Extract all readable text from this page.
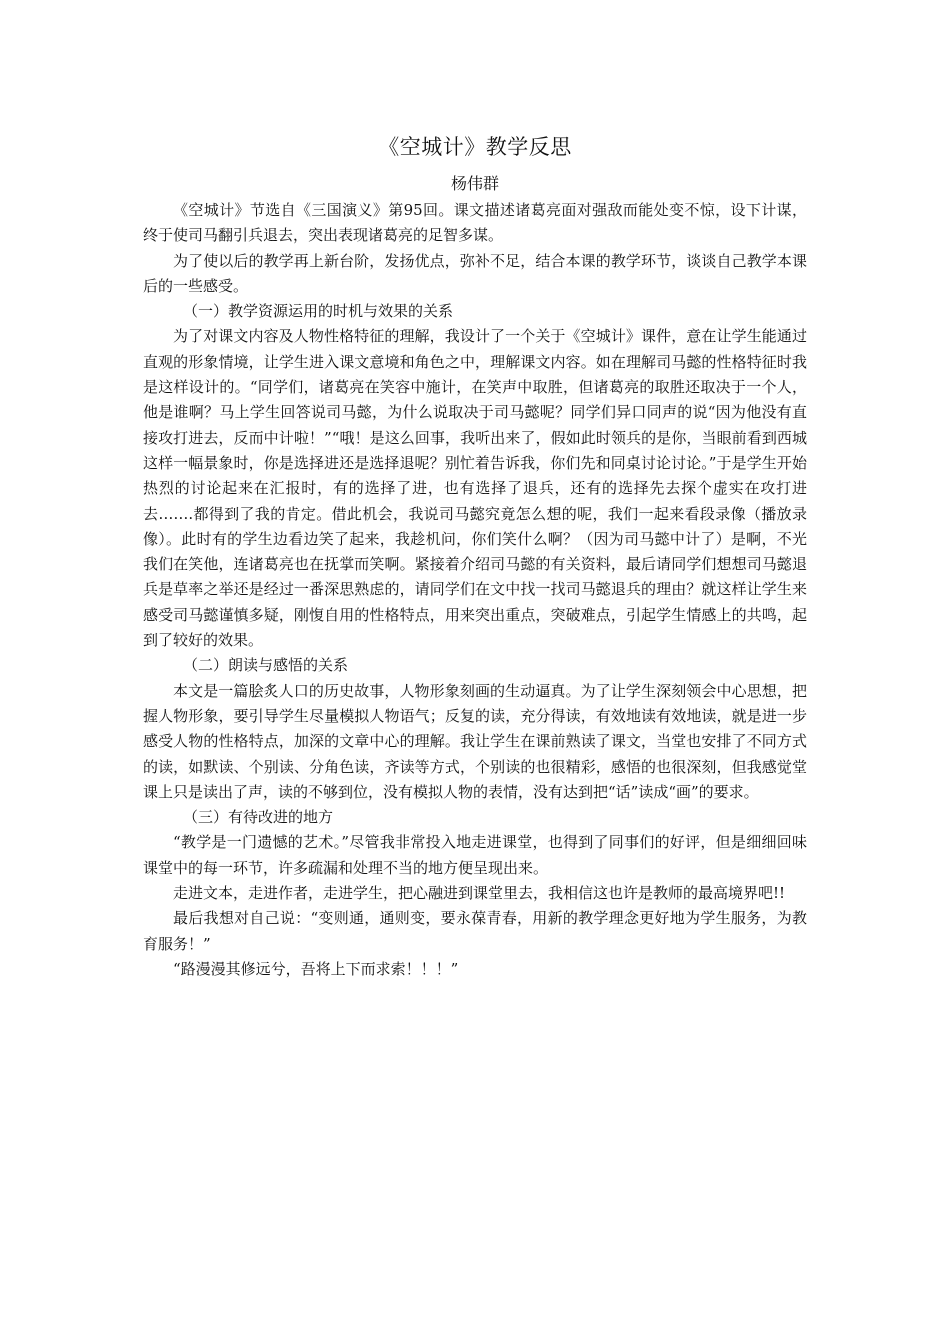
《空城计》教学反思
杨伟群

《空城计》节选自《三国演义》第95回。课文描述诸葛亮面对强敌而能处变不惊，设下计谋，终于使司马翻引兵退去，突出表现诸葛亮的足智多谋。

为了使以后的教学再上新台阶，发扬优点，弥补不足，结合本课的教学环节，谈谈自己教学本课后的一些感受。

（一）教学资源运用的时机与效果的关系

为了对课文内容及人物性格特征的理解，我设计了一个关于《空城计》课件，意在让学生能通过直观的形象情境，让学生进入课文意境和角色之中，理解课文内容。如在理解司马懿的性格特征时我是这样设计的。“同学们，诸葛亮在笑容中施计，在笑声中取胜，但诸葛亮的取胜还取决于一个人，他是谁啊？马上学生回答说司马懿，为什么说取决于司马懿呢？同学们异口同声的说“因为他没有直接攻打进去，反而中计啦！”“哦！是这么回事，我听出来了，假如此时领兵的是你，当眼前看到西城这样一幅景象时，你是选择进还是选择退呢？别忙着告诉我，你们先和同桌讨论讨论。”于是学生开始热烈的讨论起来在汇报时，有的选择了进，也有选择了退兵，还有的选择先去探个虚实在攻打进去…….都得到了我的肯定。借此机会，我说司马懿究竟怎么想的呢，我们一起来看段录像（播放录像）。此时有的学生边看边笑了起来，我趁机问，你们笑什么啊？（因为司马懿中计了）是啊，不光我们在笑他，连诸葛亮也在抚掌而笑啊。紧接着介绍司马懿的有关资料，最后请同学们想想司马懿退兵是草率之举还是经过一番深思熟虑的，请同学们在文中找一找司马懿退兵的理由？就这样让学生来感受司马懿谨慎多疑，刚愎自用的性格特点，用来突出重点，突破难点，引起学生情感上的共鸣，起到了较好的效果。

（二）朗读与感悟的关系

本文是一篇脍炙人口的历史故事，人物形象刻画的生动逼真。为了让学生深刻领会中心思想，把握人物形象，要引导学生尽量模拟人物语气；反复的读，充分得读，有效地读有效地读，就是进一步感受人物的性格特点，加深的文章中心的理解。我让学生在课前熟读了课文，当堂也安排了不同方式的读，如默读、个别读、分角色读，齐读等方式，个别读的也很精彩，感悟的也很深刻，但我感觉堂课上只是读出了声，读的不够到位，没有模拟人物的表情，没有达到把“话”读成“画”的要求。

（三）有待改进的地方

“教学是一门遗憾的艺术。”尽管我非常投入地走进课堂，也得到了同事们的好评，但是细细回味课堂中的每一环节，许多疏漏和处理不当的地方便呈现出来。

走进文本，走进作者，走进学生，把心融进到课堂里去，我相信这也许是教师的最高境界吧!!

最后我想对自己说：“变则通，通则变，要永葆青春，用新的教学理念更好地为学生服务，为教育服务！”

“路漫漫其修远兮，吾将上下而求索！！！”
